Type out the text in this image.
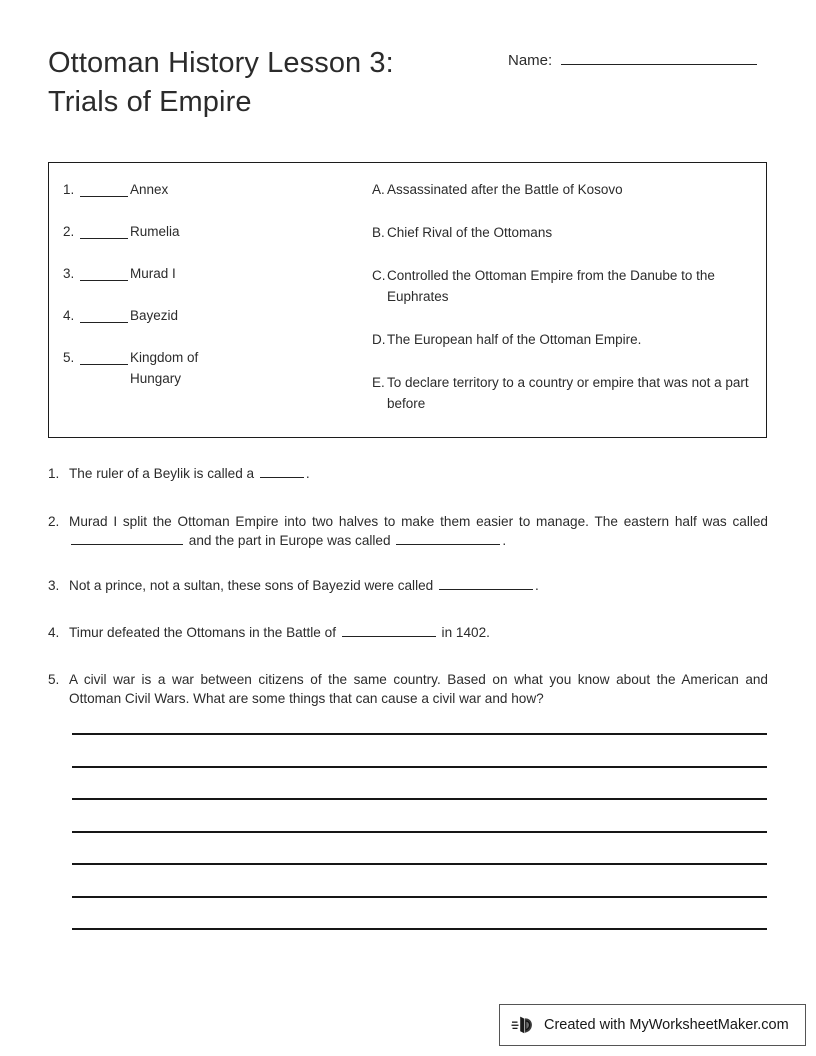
Ottoman History Lesson 3: Trials of Empire
Name:
1.	Annex
2.	Rumelia
3.	Murad I
4.	Bayezid
5.	Kingdom of Hungary
A. Assassinated after the Battle of Kosovo
B. Chief Rival of the Ottomans
C. Controlled the Ottoman Empire from the Danube to the Euphrates
D. The European half of the Ottoman Empire.
E. To declare territory to a country or empire that was not a part before
1. The ruler of a Beylik is called a	.
2. Murad I split the Ottoman Empire into two halves to make them easier to manage. The eastern half was called  and the part in Europe was called	.
3. Not a prince, not a sultan, these sons of Bayezid were called	.
4. Timur defeated the Ottomans in the Battle of	in 1402.
5. A civil war is a war between citizens of the same country. Based on what you know about the American and Ottoman Civil Wars. What are some things that can cause a civil war and how?
Created with MyWorksheetMaker.com
